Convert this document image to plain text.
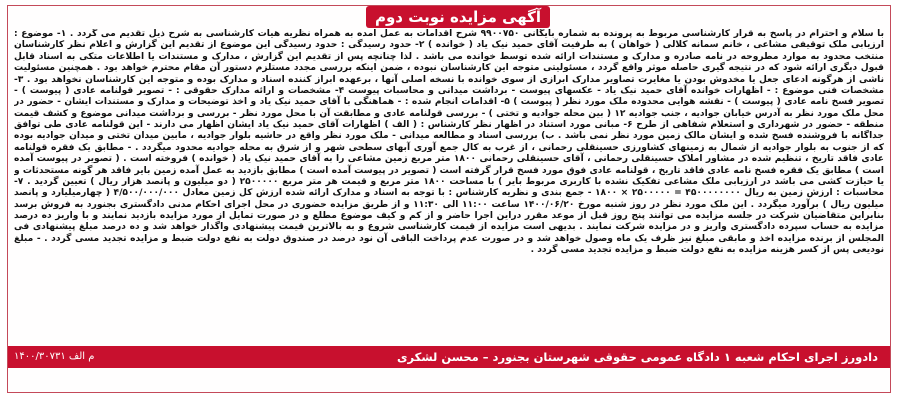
آگهی مزایده نوبت دوم
با سلام و احترام در پاسخ به قرار کارشناسی مربوط به پرونده به شماره بایگانی ۹۹۰۰۷۵۰ شرح اقدامات به عمل آمده به همراه نظریه هیأت کارشناسی به شرح ذیل تقدیم می گردد . ۱- موضوع : ارزیابی ملک توقیفی مشاعی ، خانم سمانه کلالی ( خواهان ) به طرفیت آقای حمید نیک یاد ( خوانده ) ۲- حدود رسیدگی : حدود رسیدگی این موضوع از تقدیم این گزارش و اعلام نظر کارشناسان منتخب محدود به موارد مطروحه در نامه صادره و مدارک و مستندات ارائه شده توسط خوانده می باشد . لذا چنانچه پس از تقدیم این گزارش ، مدارک و مستندات یا اطلاعات متکی به اسناد قابل قبول دیگری ارائه شود که در نتیجه گیری حاصله موثر واقع گردد ، مسئولیتی متوجه این کارشناسان نبوده ، ضمن اینکه بررسی مجدد مستلزم دستور آن مقام محترم خواهد بود . همچنین مسئولیت ناشی از هرگونه ادعای جعل یا مخدوش بودن یا مغایرت تصاویر مدارک ابرازی از سوی خوانده با نسخه اصلی آنها ، برعهده ابراز کننده اسناد و مدارک بوده و متوجه این کارشناسان نخواهد بود . ۳- مشخصات فنی موضوع : - اظهارات خوانده آقای حمید نیک یاد - عکسهای پیوست - برداشت میدانی و محاسبات پیوست ۴- مشخصات و ارائه مدارک حقوقی : - تصویر قولنامه عادی ( پیوست ) - تصویر فسخ نامه عادی ( پیوست ) - نقشه هوایی محدوده ملک مورد نظر ( پیوست ) ۵- اقدامات انجام شده : - هماهنگی با آقای حمید نیک یاد و اخذ توضیحات و مدارک و مستندات ایشان - حضور در محل ملک مورد نظر به آدرس خیابان جوادیه ، جنب جوادیه ۱۲ ( بین محله جوادیه و تختی ) - بررسی قولنامه عادی و مطابقت آن با محل مورد نظر - بررسی و برداشت میدانی موضوع و کشف قیمت منطقه - حضور در شهرداری و استعلام شفاهی از طرح ۶- مبانی مورد استناد در اظهار نظر کارشناس : ( الف ) اظهارات آقای حمید نیک یاد ایشان اظهار می دارند - این قولنامه عادی طی توافق جداگانه با فروشنده فسخ شده و ایشان مالک زمین مورد نظر نمی باشد . ب) بررسی اسناد و مطالعه میدانی - ملک مورد نظر واقع در حاشیه بلوار جوادیه ، مابین میدان تختی و میدان جوادیه بوده که از جنوب به بلوار جوادیه از شمال به زمینهای کشاورزی حسینقلی رحمانی ، از غرب به کال جمع آوری آبهای سطحی شهر و از شرق به محله جوادیه محدود میگردد . - مطابق یک فقره قولنامه عادی فاقد تاریخ ، تنظیم شده در مشاور املاک حسینقلی رحمانی ، آقای حسینقلی رحمانی ۱۸۰۰ متر مربع زمین مشاعی را به آقای حمید نیک یاد ( خوانده ) فروخته است . ( تصویر در پیوست آمده است ) مطابق یک فقره فسخ نامه عادی فاقد تاریخ ، قولنامه عادی فوق مورد فسخ قرار گرفته است ( تصویر در پیوست آمده است ) مطابق بازدید به عمل آمده زمین بایر فاقد هر گونه مستحدثات و یا حیازت کشی می باشد در ارزیابی ملک مشاعی تفکیک نشده با کاربری مربوط بایر ) با مساحت ۱۸۰۰ متر مربع و قیمت هر متر مربع ۲۵۰۰۰۰۰ ( دو میلیون و پانصد هزار ریال ) تعیین گردید . ۷- محاسبات : ارزش زمین به ریال ۴۵۰۰۰۰۰۰۰۰ = ۲۵۰۰۰۰۰ × ۱۸۰۰ - جمع بندی و نظریه کارشناس : با توجه به اسناد و مدارک ارائه شده ارزش کل زمین معادل ۴/۵۰۰/۰۰۰/۰۰۰ ( چهارمیلیارد و پانصد میلیون ریال ) برآورد میگردد . این ملک مورد نظر در روز شنبه مورخ ۱۴۰۰/۰۶/۲۰ ساعت ۱۱:۰۰ الی ۱۱:۳۰ و از طریق مزایده حضوری در محل اجرای احکام مدنی دادگستری بجنورد به فروش برسد بنابراین متقاضیان شرکت در جلسه مزایده می توانند پنج روز قبل از موعد مقرر دراین اجرا حاضر و از کم و کیف موضوع مطلع و در صورت تمایل از مورد مزایده بازدید نمایند و با واریز ده درصد مزایده به حساب سپرده دادگستری واریز و در مزایده شرکت نمایند . بدیهی است مزایده از قیمت کارشناسی شروع و به بالاترین قیمت پیشنهادی واگذار خواهد شد و ده درصد مبلغ پیشنهادی فی المجلس از برنده مزایده اخذ و مابقی مبلغ نیز ظرف یک ماه وصول خواهد شد و در صورت عدم پرداخت الباقی آن نود درصد در صندوق دولت به نفع دولت ضبط و مزایده تجدید مسی گردد . - مبلغ نودیعی پس از کسر هزینه مزایده به نفع دولت ضبط و مزایده تجدید مسی گردد .
م الف ۱۴۰۰/۳۰۷۳۱	دادورز اجرای احکام شعبه ۱ دادگاه عمومی حقوقی شهرستان بجنورد – محسن لشکری
